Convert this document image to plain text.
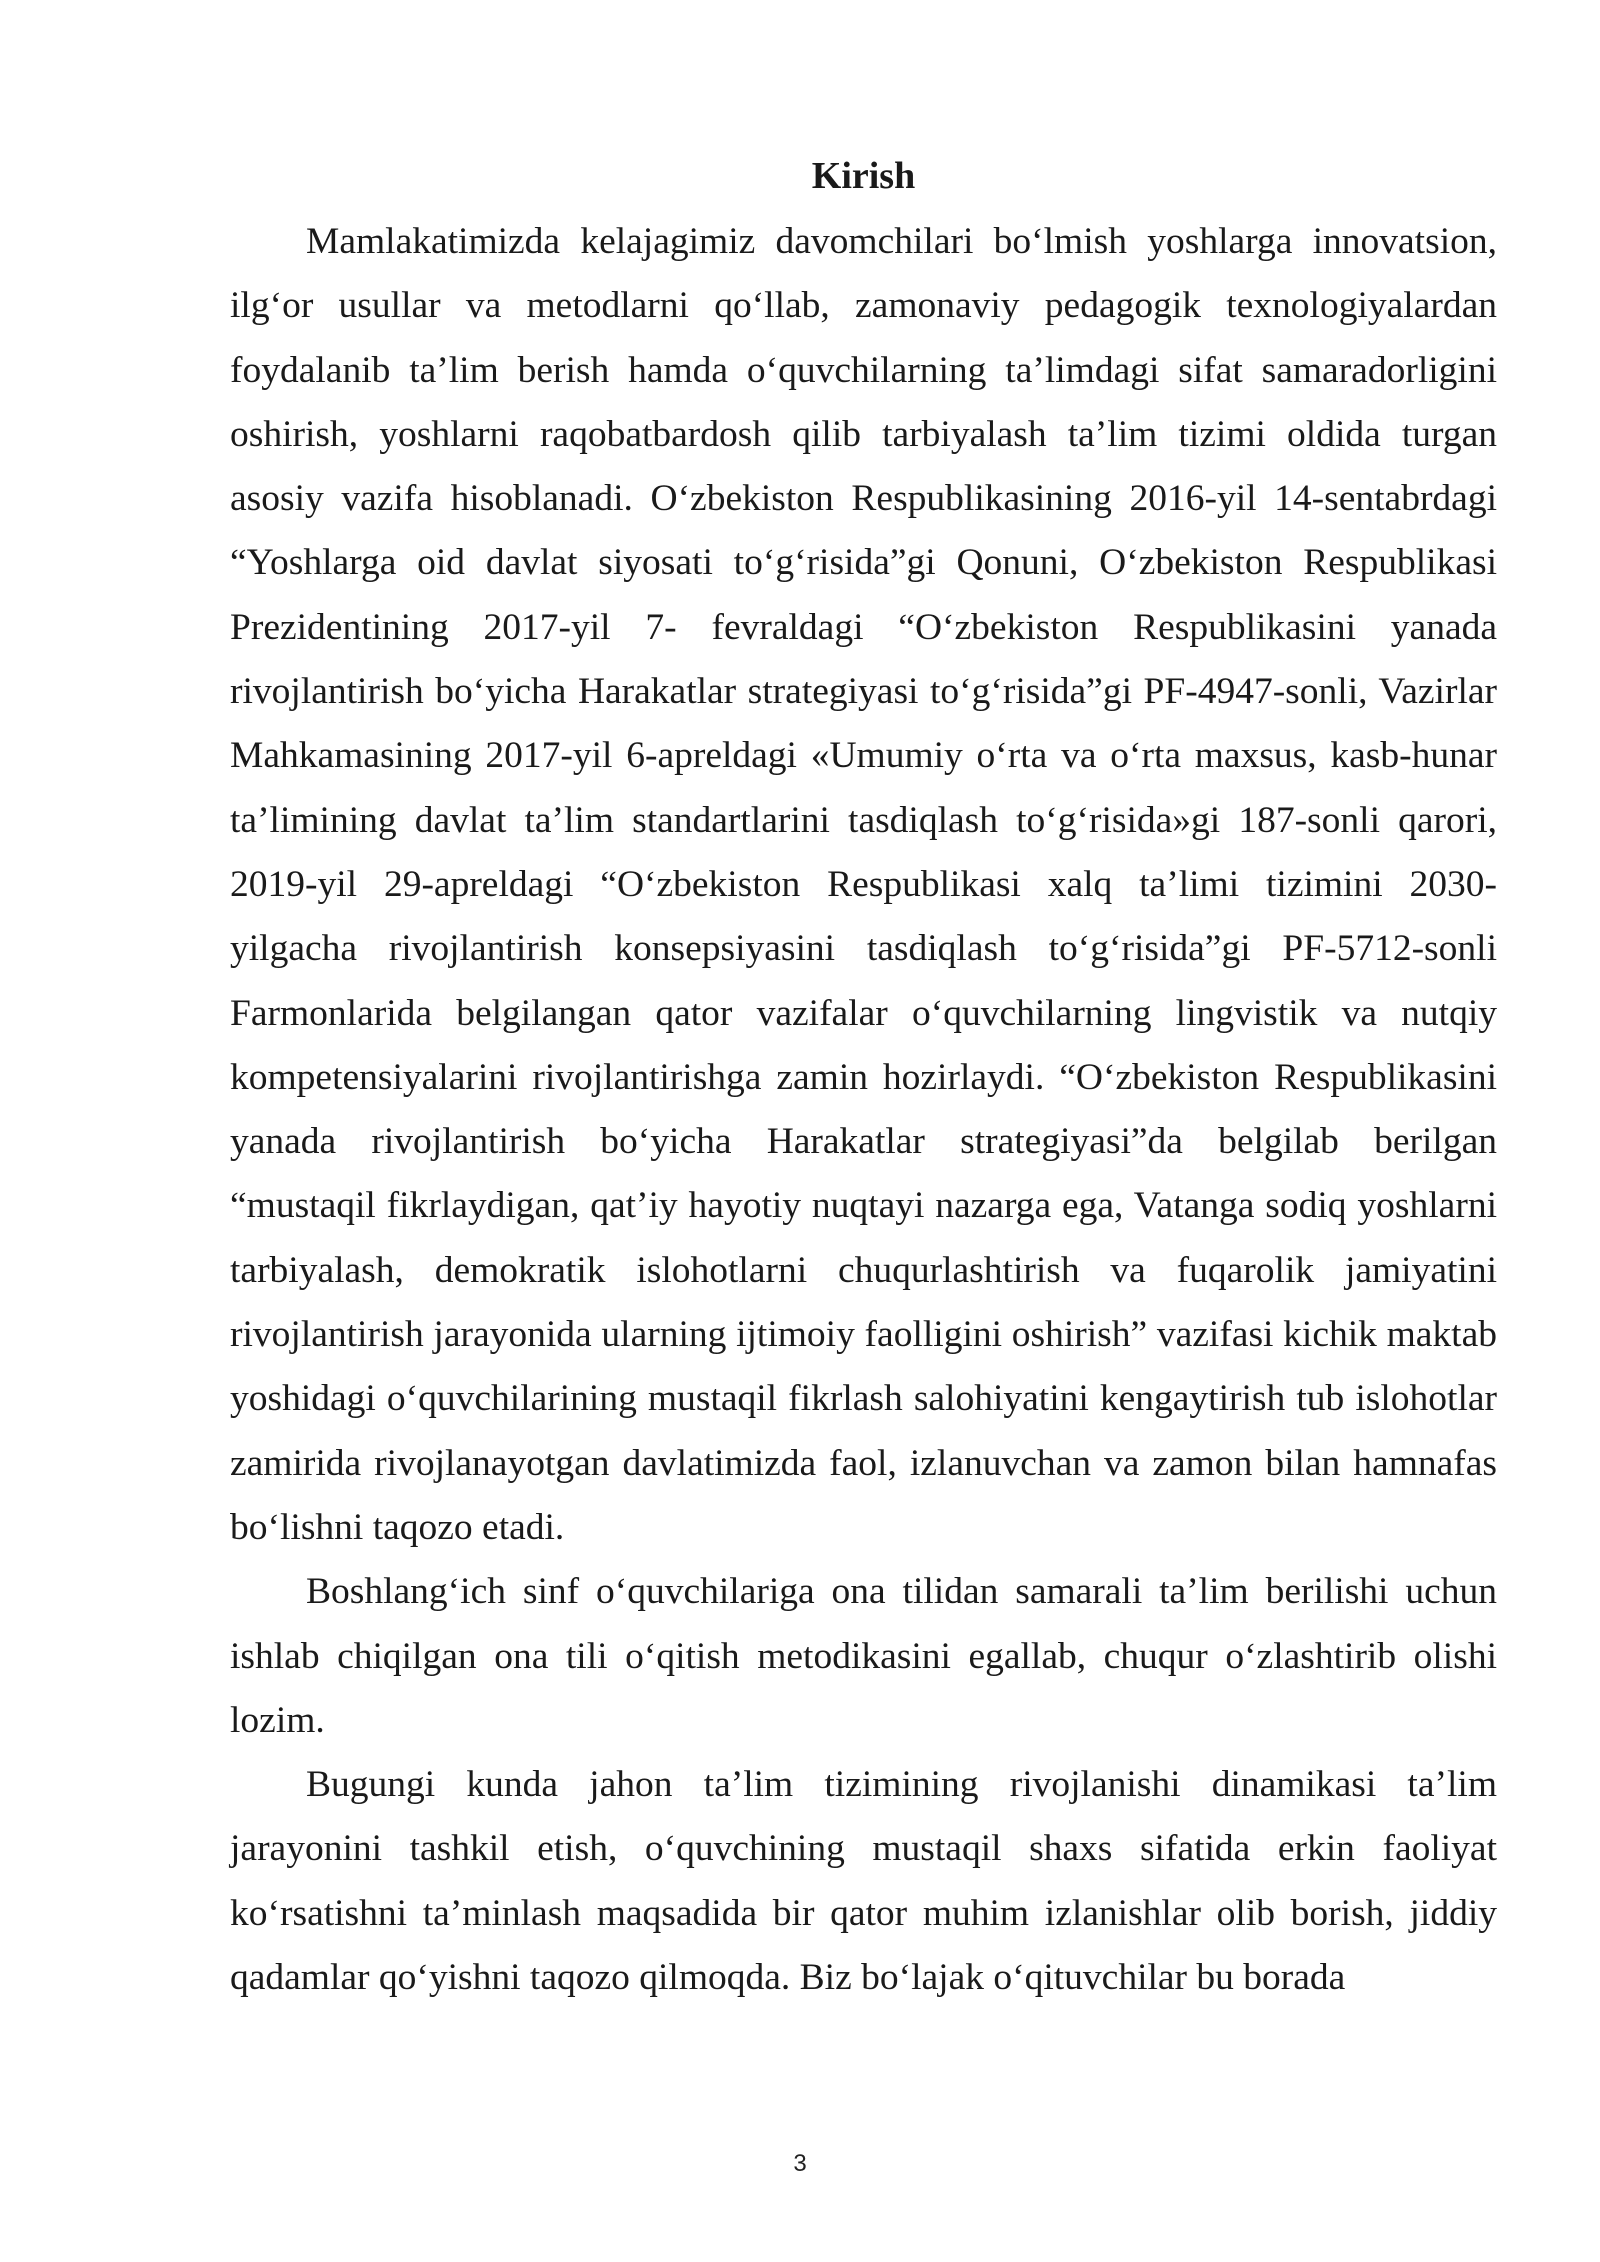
Kirish

Mamlakatimizda kelajagimiz davomchilari bo‘lmish yoshlarga innovatsion, ilg‘or usullar va metodlarni qo‘llab, zamonaviy pedagogik texnologiyalardan foydalanib ta’lim berish hamda o‘quvchilarning ta’limdagi sifat samaradorligini oshirish, yoshlarni raqobatbardosh qilib tarbiyalash ta’lim tizimi oldida turgan asosiy vazifa hisoblanadi. O‘zbekiston Respublikasining 2016-yil 14-sentabrdagi “Yoshlarga oid davlat siyosati to‘g‘risida”gi Qonuni, O‘zbekiston Respublikasi Prezidentining 2017-yil 7- fevraldagi “O‘zbekiston Respublikasini yanada rivojlantirish bo‘yicha Harakatlar strategiyasi to‘g‘risida”gi PF-4947-sonli, Vazirlar Mahkamasining 2017-yil 6-apreldagi «Umumiy o‘rta va o‘rta maxsus, kasb-hunar ta’limining davlat ta’lim standartlarini tasdiqlash to‘g‘risida»gi 187-sonli qarori, 2019-yil 29-apreldagi “O‘zbekiston Respublikasi xalq ta’limi tizimini 2030-yilgacha rivojlantirish konsepsiyasini tasdiqlash to‘g‘risida”gi PF-5712-sonli Farmonlarida belgilangan qator vazifalar o‘quvchilarning lingvistik va nutqiy kompetensiyalarini rivojlantirishga zamin hozirlaydi. “O‘zbekiston Respublikasini yanada rivojlantirish bo‘yicha Harakatlar strategiyasi”da belgilab berilgan “mustaqil fikrlaydigan, qat’iy hayotiy nuqtayi nazarga ega, Vatanga sodiq yoshlarni tarbiyalash, demokratik islohotlarni chuqurlashtirish va fuqarolik jamiyatini rivojlantirish jarayonida ularning ijtimoiy faolligini oshirish” vazifasi kichik maktab yoshidagi o‘quvchilarining mustaqil fikrlash salohiyatini kengaytirish tub islohotlar zamirida rivojlanayotgan davlatimizda faol, izlanuvchan va zamon bilan hamnafas bo‘lishni taqozo etadi.

Boshlang‘ich sinf o‘quvchilariga ona tilidan samarali ta’lim berilishi uchun ishlab chiqilgan ona tili o‘qitish metodikasini egallab, chuqur o‘zlashtirib olishi lozim.

Bugungi kunda jahon ta’lim tizimining rivojlanishi dinamikasi ta’lim jarayonini tashkil etish, o‘quvchining mustaqil shaxs sifatida erkin faoliyat ko‘rsatishni ta’minlash maqsadida bir qator muhim izlanishlar olib borish, jiddiy qadamlar qo‘yishni taqozo qilmoqda. Biz bo‘lajak o‘qituvchilar bu borada

3
